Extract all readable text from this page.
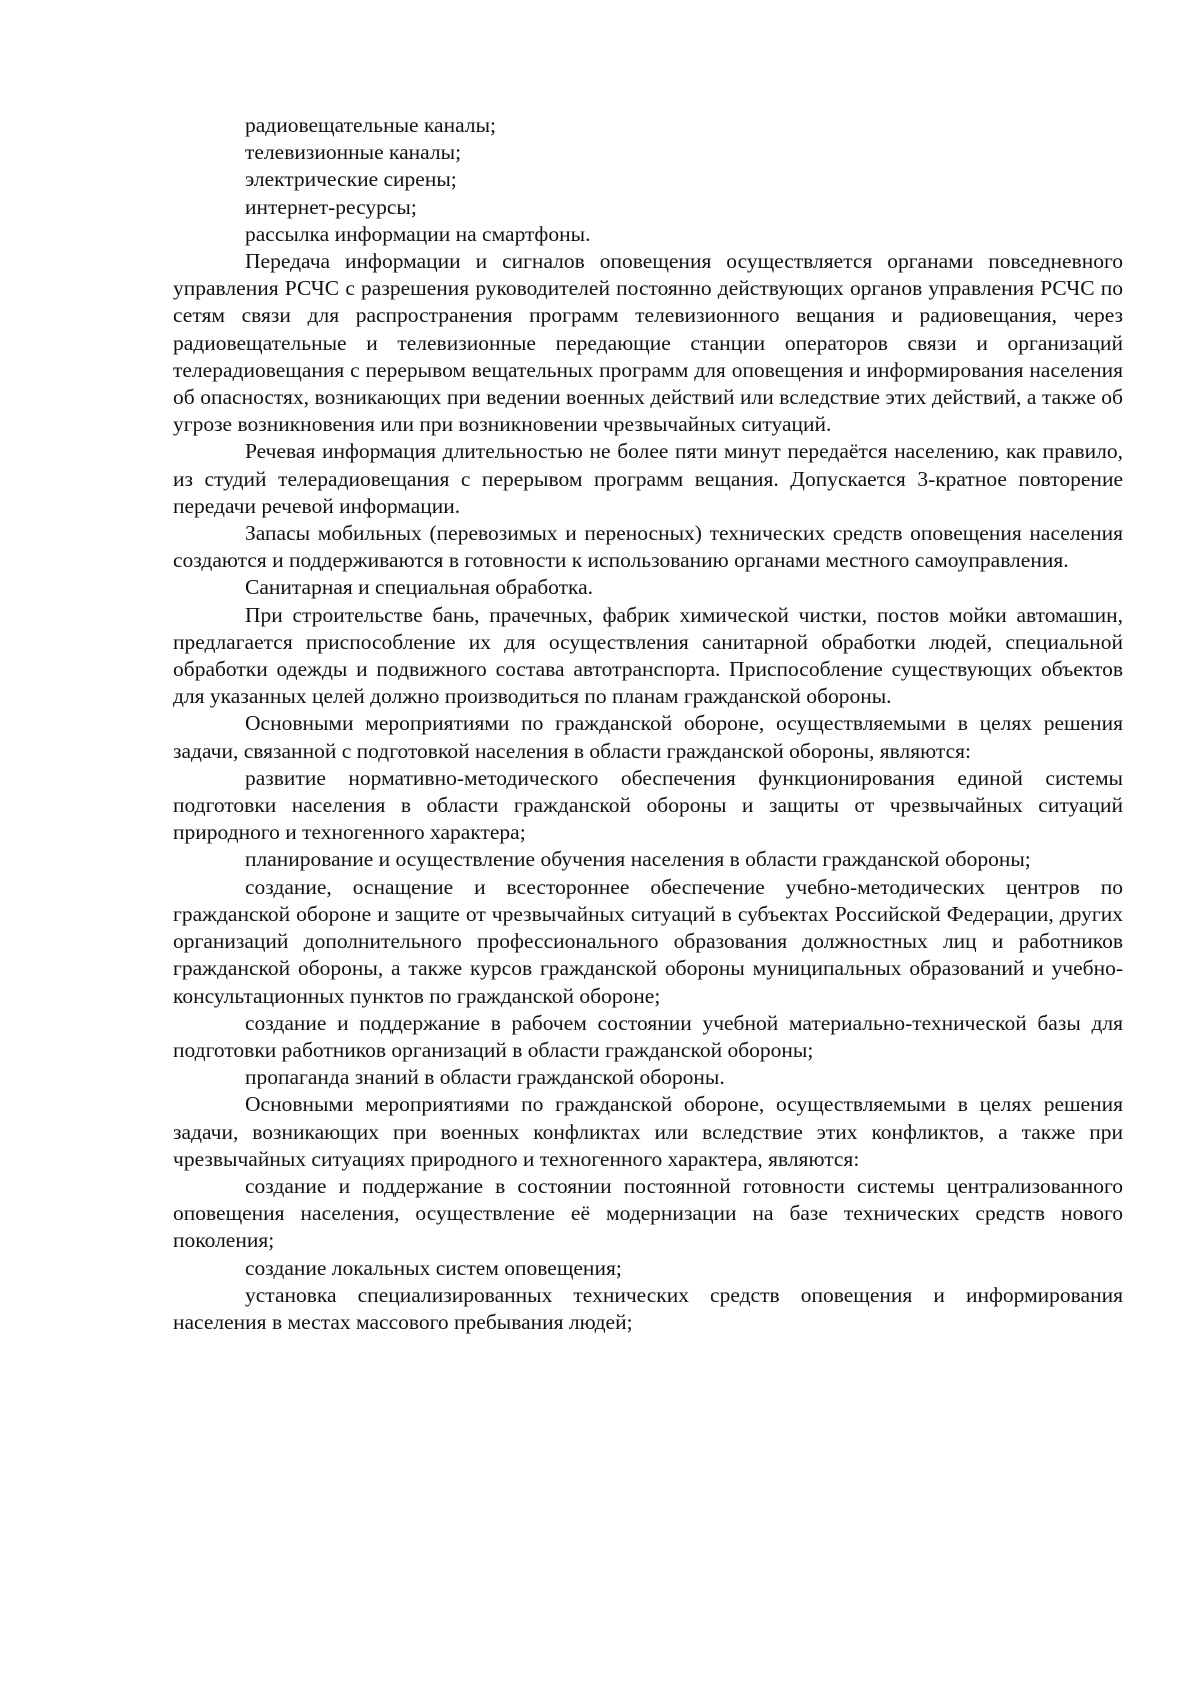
радиовещательные каналы;
телевизионные каналы;
электрические сирены;
интернет-ресурсы;
рассылка информации на смартфоны.

Передача информации и сигналов оповещения осуществляется органами повседневного управления РСЧС с разрешения руководителей постоянно действующих органов управления РСЧС по сетям связи для распространения программ телевизионного вещания и радиовещания, через радиовещательные и телевизионные передающие станции операторов связи и организаций телерадиовещания с перерывом вещательных программ для оповещения и информирования населения об опасностях, возникающих при ведении военных действий или вследствие этих действий, а также об угрозе возникновения или при возникновении чрезвычайных ситуаций.

Речевая информация длительностью не более пяти минут передаётся населению, как правило, из студий телерадиовещания с перерывом программ вещания. Допускается 3-кратное повторение передачи речевой информации.

Запасы мобильных (перевозимых и переносных) технических средств оповещения населения создаются и поддерживаются в готовности к использованию органами местного самоуправления.

Санитарная и специальная обработка.

При строительстве бань, прачечных, фабрик химической чистки, постов мойки автомашин, предлагается приспособление их для осуществления санитарной обработки людей, специальной обработки одежды и подвижного состава автотранспорта. Приспособление существующих объектов для указанных целей должно производиться по планам гражданской обороны.

Основными мероприятиями по гражданской обороне, осуществляемыми в целях решения задачи, связанной с подготовкой населения в области гражданской обороны, являются:

развитие нормативно-методического обеспечения функционирования единой системы подготовки населения в области гражданской обороны и защиты от чрезвычайных ситуаций природного и техногенного характера;

планирование и осуществление обучения населения в области гражданской обороны;

создание, оснащение и всестороннее обеспечение учебно-методических центров по гражданской обороне и защите от чрезвычайных ситуаций в субъектах Российской Федерации, других организаций дополнительного профессионального образования должностных лиц и работников гражданской обороны, а также курсов гражданской обороны муниципальных образований и учебно-консультационных пунктов по гражданской обороне;

создание и поддержание в рабочем состоянии учебной материально-технической базы для подготовки работников организаций в области гражданской обороны;

пропаганда знаний в области гражданской обороны.

Основными мероприятиями по гражданской обороне, осуществляемыми в целях решения задачи, возникающих при военных конфликтах или вследствие этих конфликтов, а также при чрезвычайных ситуациях природного и техногенного характера, являются:

создание и поддержание в состоянии постоянной готовности системы централизованного оповещения населения, осуществление её модернизации на базе технических средств нового поколения;

создание локальных систем оповещения;

установка специализированных технических средств оповещения и информирования населения в местах массового пребывания людей;
